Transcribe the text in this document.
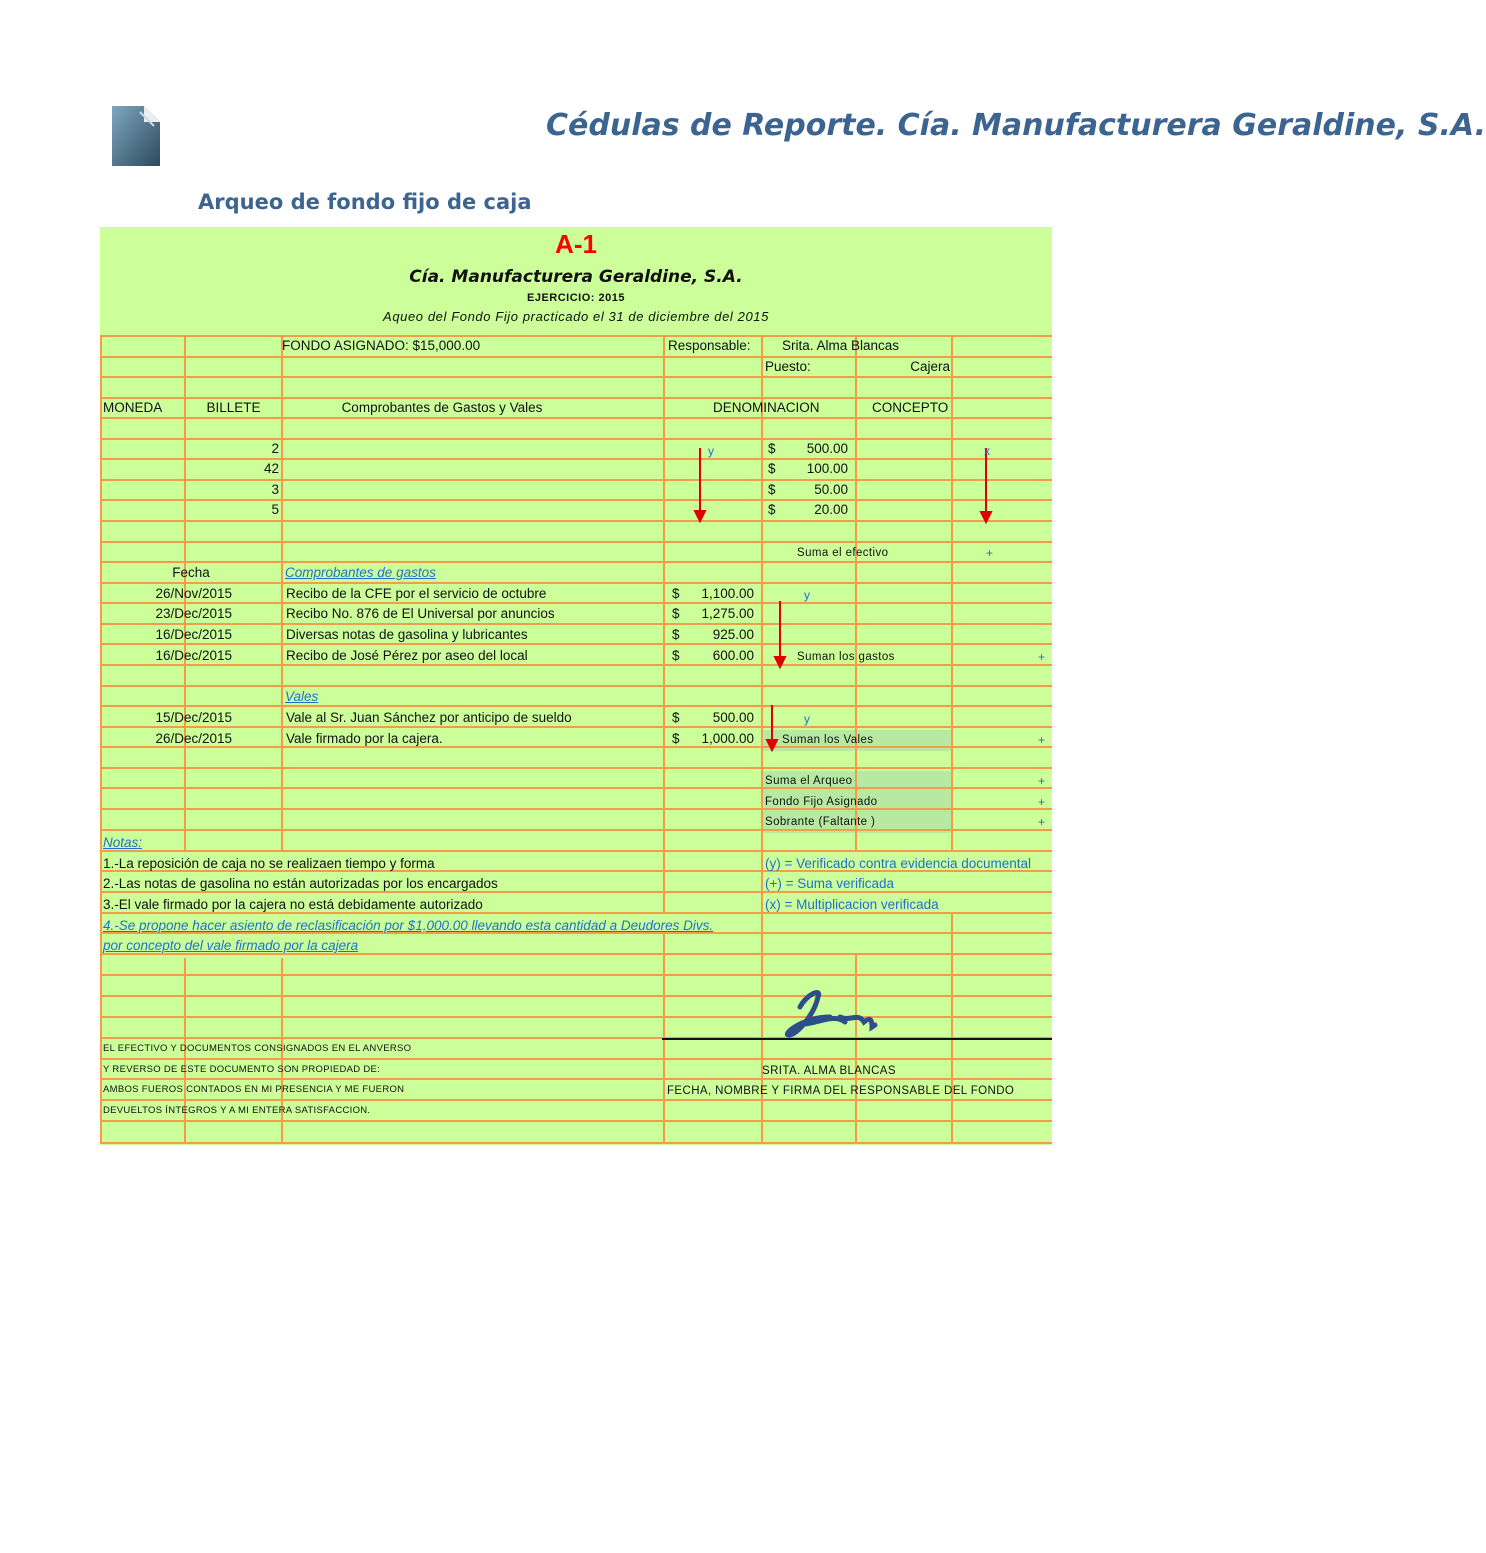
Cédulas de Reporte. Cía. Manufacturera Geraldine, S.A.
Arqueo de fondo fijo de caja
A-1
Cía. Manufacturera Geraldine, S.A.
EJERCICIO: 2015
Aqueo del Fondo Fijo practicado el 31 de diciembre del 2015
FONDO ASIGNADO: $15,000.00	Responsable: Srita. Alma Blancas
Puesto:	Cajera
MONEDA	BILLETE	Comprobantes de Gastos y Vales	DENOMINACION	CONCEPTO
2	$	500.00
42	$	100.00
3	$	50.00
5	$	20.00
y	x
Suma el efectivo	+
Fecha	Comprobantes de gastos
26/Nov/2015	Recibo de la CFE por el servicio de octubre	$	1,100.00
23/Dec/2015	Recibo No. 876 de El Universal por anuncios	$	1,275.00
16/Dec/2015	Diversas notas de gasolina y lubricantes	$	925.00
16/Dec/2015	Recibo de José Pérez por aseo del local	$	600.00
y
Suman los gastos	+
Vales
15/Dec/2015	Vale al Sr. Juan Sánchez por anticipo de sueldo	$	500.00
26/Dec/2015	Vale firmado por la cajera.	$	1,000.00
y
Suman los Vales	+
Suma el Arqueo	+
Fondo Fijo Asignado	+
Sobrante (Faltante )	+
Notas:
1.-La reposición de caja no se realizaen tiempo y forma
2.-Las notas de gasolina no están autorizadas por los encargados
3.-El vale firmado por la cajera no está debidamente autorizado
(y) = Verificado contra evidencia documental
(+) = Suma verificada
(x) = Multiplicacion verificada
4.-Se propone hacer asiento de reclasificación por $1,000.00 llevando esta cantidad a Deudores Divs.
por concepto del vale firmado por la cajera
EL EFECTIVO Y DOCUMENTOS CONSIGNADOS EN EL ANVERSO
Y REVERSO DE ESTE DOCUMENTO SON PROPIEDAD DE:
AMBOS FUEROS CONTADOS EN MI PRESENCIA Y ME FUERON
DEVUELTOS ÍNTEGROS Y A MI ENTERA SATISFACCION.
SRITA. ALMA BLANCAS
FECHA, NOMBRE Y FIRMA DEL RESPONSABLE DEL FONDO
